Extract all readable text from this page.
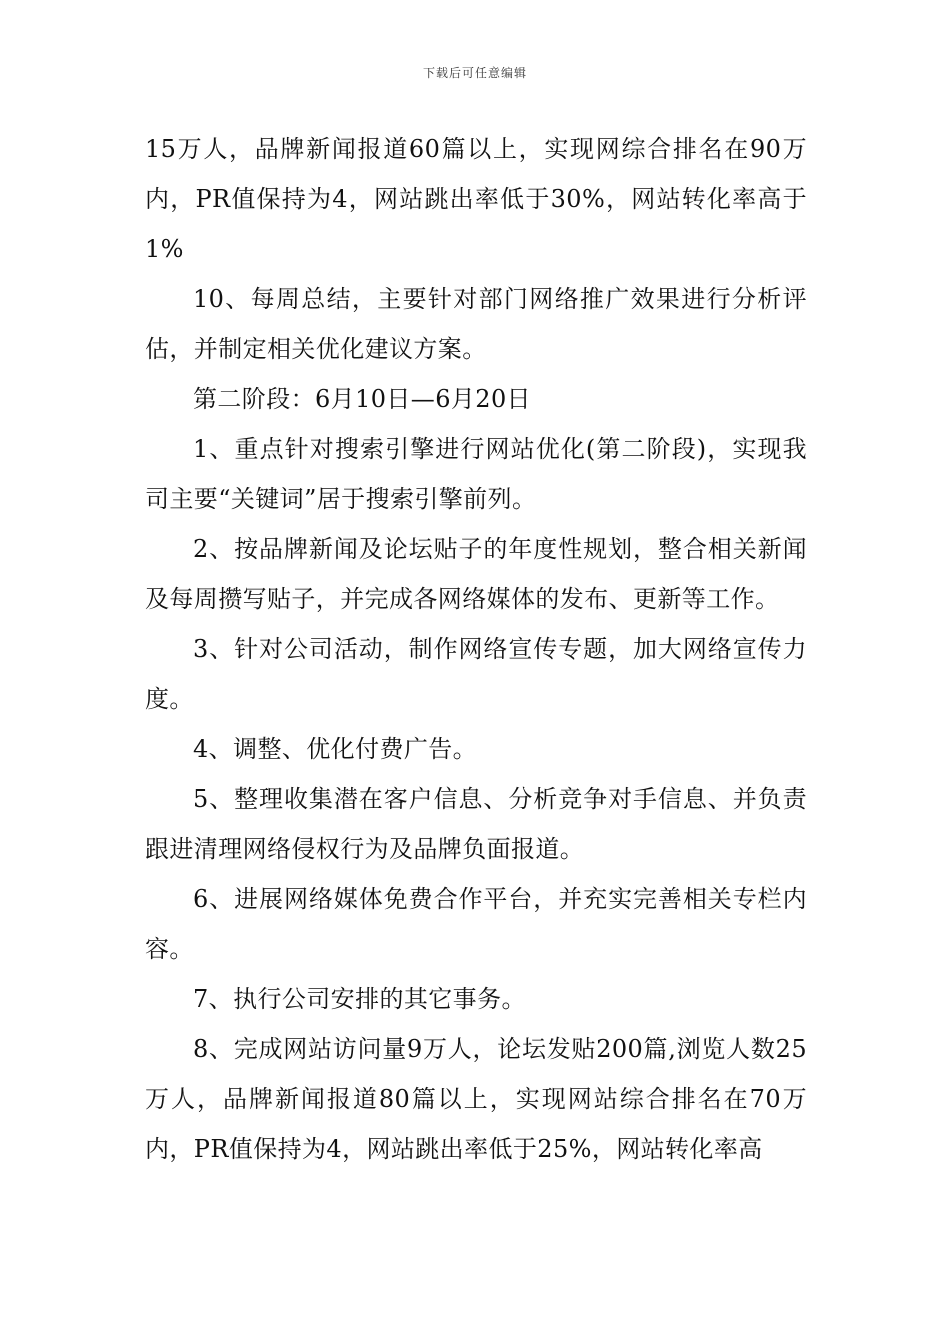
下载后可任意编辑

15万人，品牌新闻报道60篇以上，实现网综合排名在90万内，PR值保持为4，网站跳出率低于30%，网站转化率高于1%

10、每周总结，主要针对部门网络推广效果进行分析评估，并制定相关优化建议方案。

第二阶段：6月10日—6月20日

1、重点针对搜索引擎进行网站优化(第二阶段)，实现我司主要“关键词”居于搜索引擎前列。

2、按品牌新闻及论坛贴子的年度性规划，整合相关新闻及每周攒写贴子，并完成各网络媒体的发布、更新等工作。

3、针对公司活动，制作网络宣传专题，加大网络宣传力度。

4、调整、优化付费广告。

5、整理收集潜在客户信息、分析竞争对手信息、并负责跟进清理网络侵权行为及品牌负面报道。

6、进展网络媒体免费合作平台，并充实完善相关专栏内容。

7、执行公司安排的其它事务。

8、完成网站访问量9万人，论坛发贴200篇,浏览人数25万人，品牌新闻报道80篇以上，实现网站综合排名在70万内，PR值保持为4，网站跳出率低于25%，网站转化率高
